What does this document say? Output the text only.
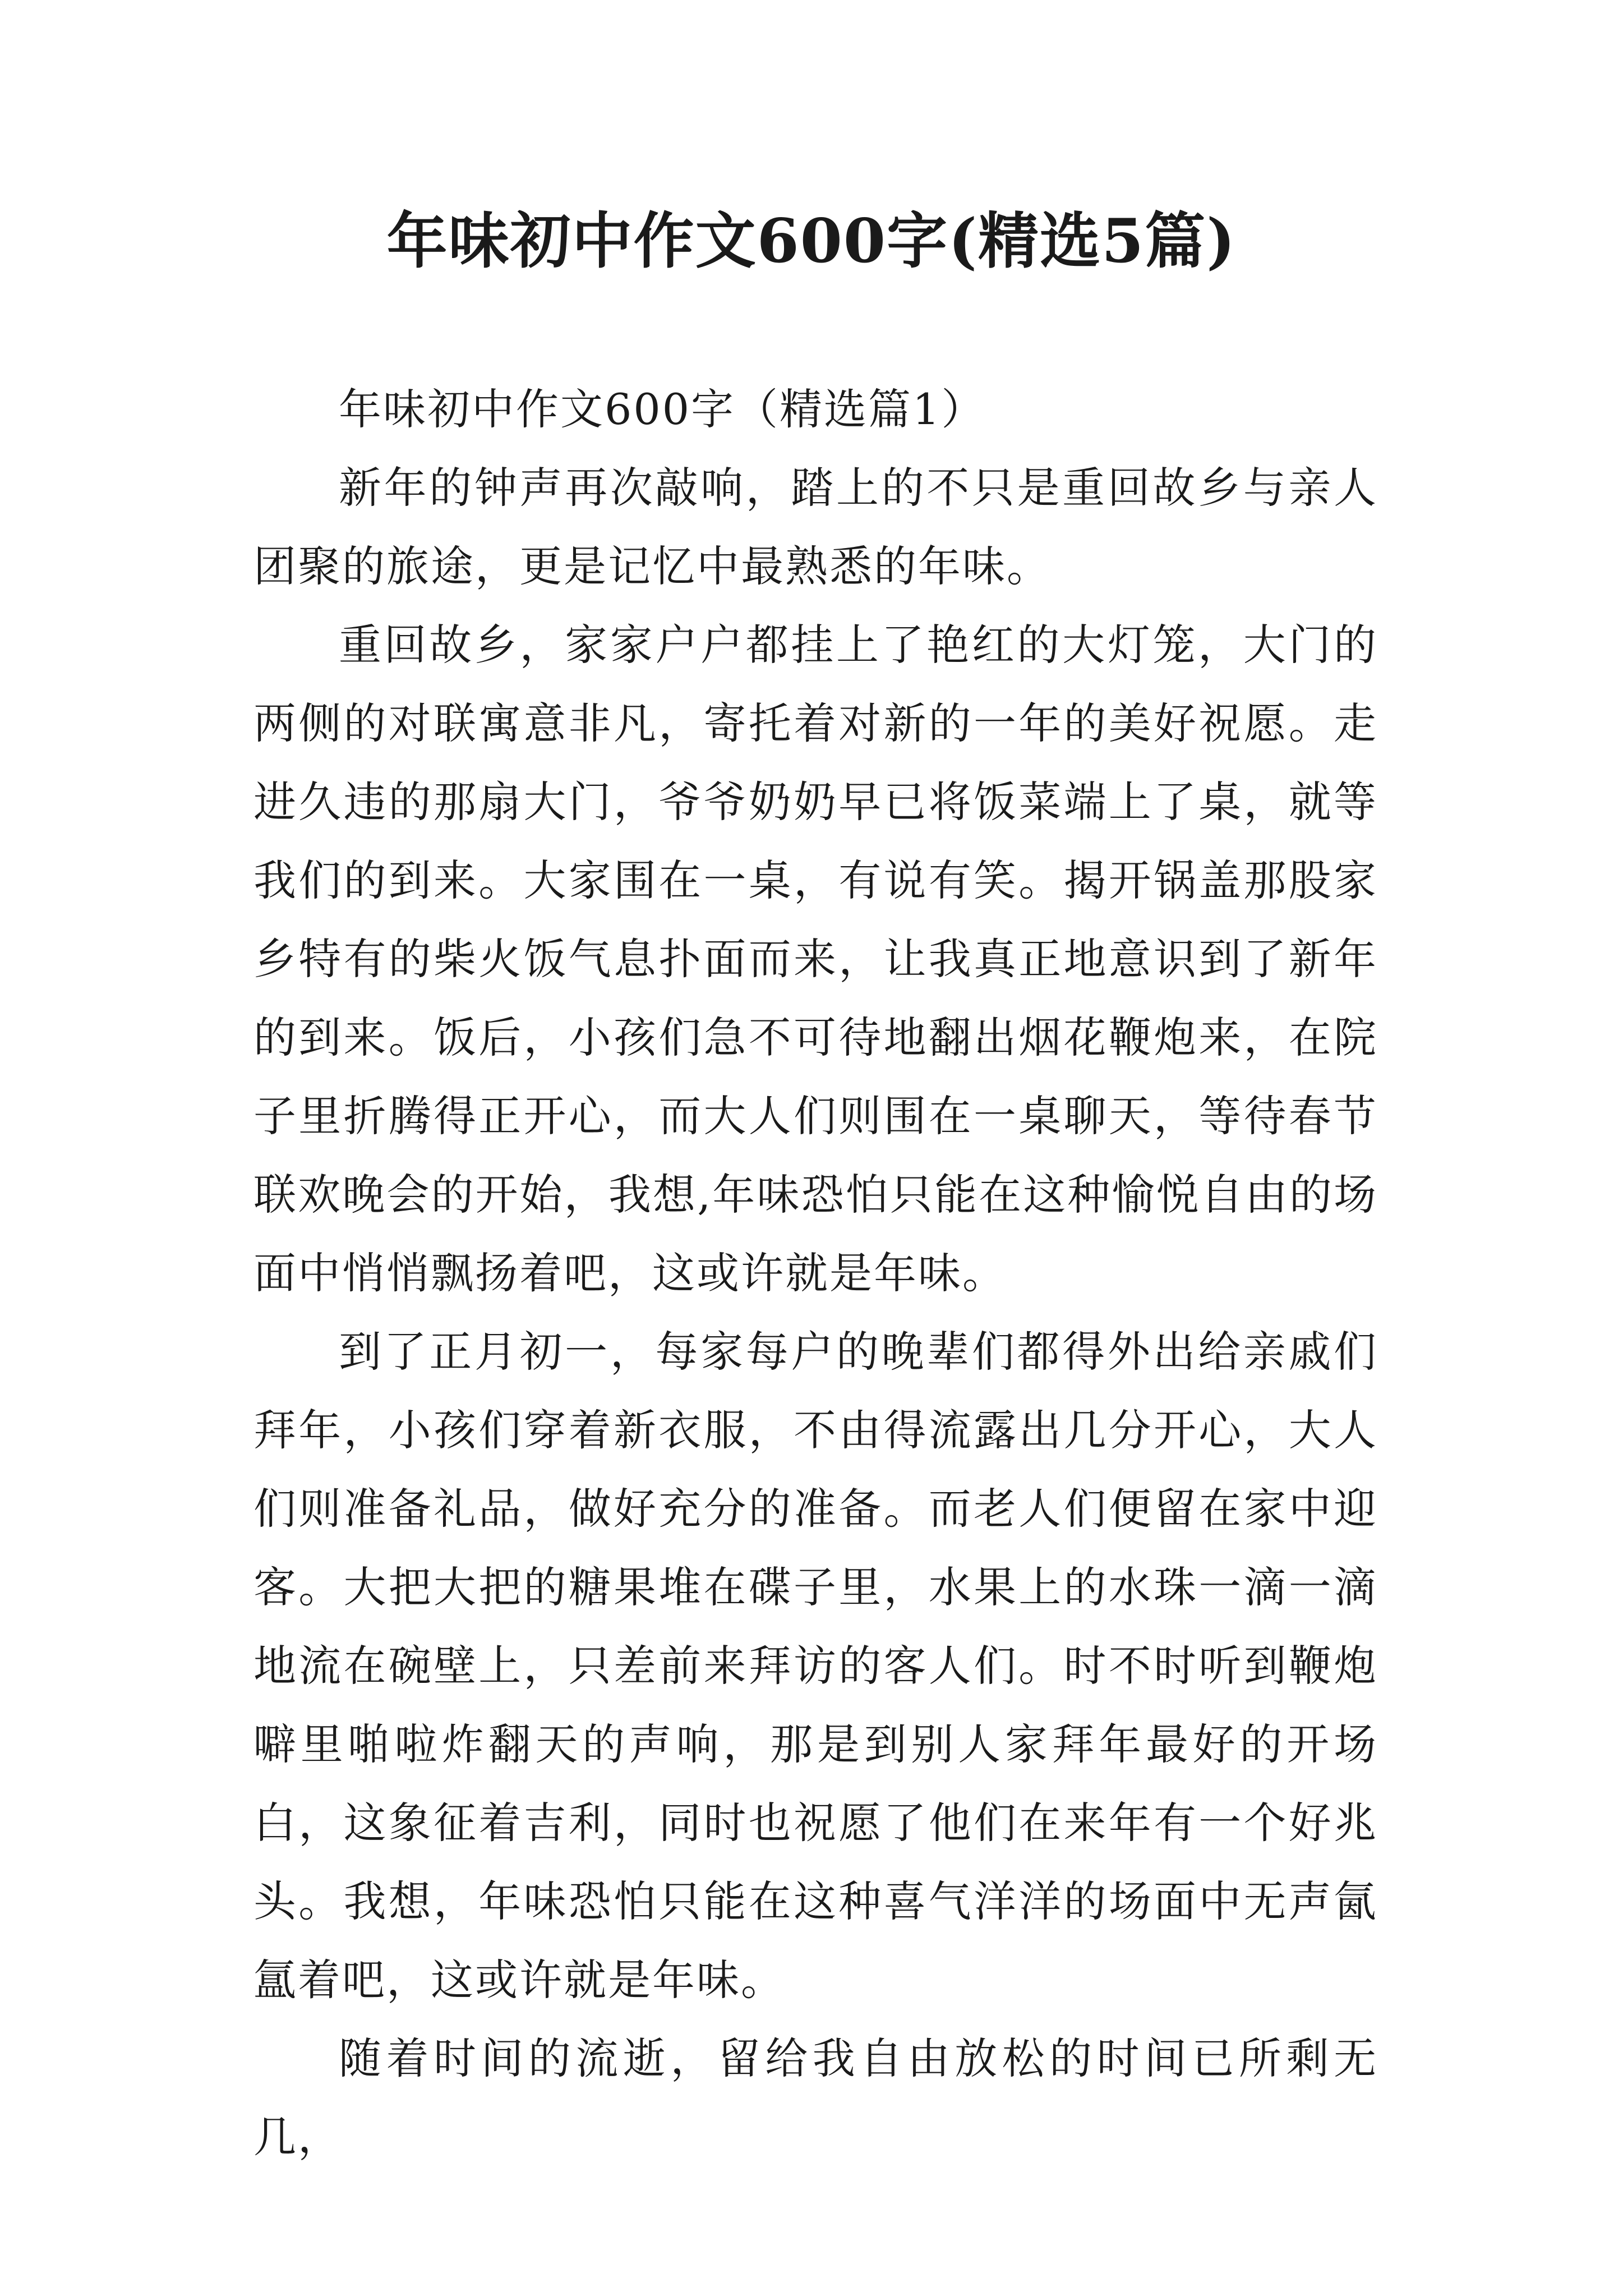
年味初中作文600字(精选5篇)

年味初中作文600字（精选篇1）

新年的钟声再次敲响，踏上的不只是重回故乡与亲人团聚的旅途，更是记忆中最熟悉的年味。

重回故乡，家家户户都挂上了艳红的大灯笼，大门的两侧的对联寓意非凡，寄托着对新的一年的美好祝愿。走进久违的那扇大门，爷爷奶奶早已将饭菜端上了桌，就等我们的到来。大家围在一桌，有说有笑。揭开锅盖那股家乡特有的柴火饭气息扑面而来，让我真正地意识到了新年的到来。饭后，小孩们急不可待地翻出烟花鞭炮来，在院子里折腾得正开心，而大人们则围在一桌聊天，等待春节联欢晚会的开始，我想,年味恐怕只能在这种愉悦自由的场面中悄悄飘扬着吧，这或许就是年味。

到了正月初一，每家每户的晚辈们都得外出给亲戚们拜年，小孩们穿着新衣服，不由得流露出几分开心，大人们则准备礼品，做好充分的准备。而老人们便留在家中迎客。大把大把的糖果堆在碟子里，水果上的水珠一滴一滴地流在碗壁上，只差前来拜访的客人们。时不时听到鞭炮噼里啪啦炸翻天的声响，那是到别人家拜年最好的开场白，这象征着吉利，同时也祝愿了他们在来年有一个好兆头。我想，年味恐怕只能在这种喜气洋洋的场面中无声氤氲着吧，这或许就是年味。

随着时间的流逝，留给我自由放松的时间已所剩无几，
